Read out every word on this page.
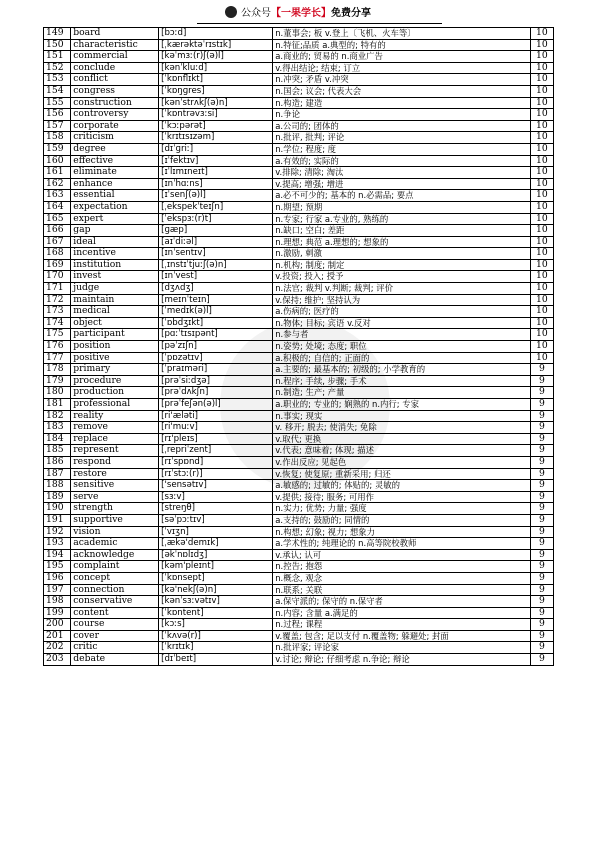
公众号【一果学长】免费分享
149	board	[bɔːd]	n.董事会; 板 v.登上〔飞机、火车等〕	10
150	characteristic	[ˌkærəktəˈrɪstɪk]	n.特征;品质 a.典型的; 特有的	10
151	commercial	[kəˈmɜː(r)ʃ(ə)l]	a.商业的; 贸易的 n.商业广告	10
152	conclude	[kənˈkluːd]	v.得出结论; 结束; 订立	10
153	conflict	[ˈkɒnflɪkt]	n.冲突; 矛盾 v.冲突	10
154	congress	[ˈkɒŋɡres]	n.国会; 议会; 代表大会	10
155	construction	[kənˈstrʌkʃ(ə)n]	n.构造; 建造	10
156	controversy	[ˈkɒntrəvɜːsi]	n.争论	10
157	corporate	[ˈkɔːpərət]	a.公司的; 团体的	10
158	criticism	[ˈkrɪtɪsɪzəm]	n.批评, 批判; 评论	10
159	degree	[dɪˈɡriː]	n.学位; 程度; 度	10
160	effective	[ɪˈfektɪv]	a.有效的; 实际的	10
161	eliminate	[ɪˈlɪmɪneɪt]	v.排除; 清除; 淘汰	10
162	enhance	[ɪnˈhɑːns]	v.提高; 增强; 增进	10
163	essential	[ɪˈsenʃ(ə)l]	a.必不可少的; 基本的 n.必需品; 要点	10
164	expectation	[ˌekspekˈteɪʃn]	n.期望; 预期	10
165	expert	[ˈekspɜː(r)t]	n.专家; 行家 a.专业的, 熟练的	10
166	gap	[ɡæp]	n.缺口; 空白; 差距	10
167	ideal	[aɪˈdiːəl]	n.理想; 典范 a.理想的; 想象的	10
168	incentive	[ɪnˈsentɪv]	n.激励, 刺激	10
169	institution	[ˌɪnstɪˈtjuːʃ(ə)n]	n.机构; 制度; 制定	10
170	invest	[ɪnˈvest]	v.投资; 投入; 授予	10
171	judge	[dʒʌdʒ]	n.法官; 裁判 v.判断; 裁判; 评价	10
172	maintain	[meɪnˈteɪn]	v.保持; 维护; 坚持认为	10
173	medical	[ˈmedɪk(ə)l]	a.伤病的; 医疗的	10
174	object	[ˈɒbdʒɪkt]	n.物体; 目标; 宾语 v.反对	10
175	participant	[pɑːˈtɪsɪpənt]	n.参与者	10
176	position	[pəˈzɪʃn]	n.姿势; 处境; 态度; 职位	10
177	positive	[ˈpɒzətɪv]	a.积极的; 自信的; 正面的	10
178	primary	[ˈpraɪməri]	a.主要的; 最基本的; 初级的; 小学教育的	9
179	procedure	[prəˈsiːdʒə]	n.程序; 手续, 步骤; 手术	9
180	production	[prəˈdʌkʃn]	n.制造; 生产; 产量	9
181	professional	[prəˈfeʃən(ə)l]	a.职业的; 专业的; 娴熟的 n.内行; 专家	9
182	reality	[ri'æləti]	n.事实; 现实	9
183	remove	[ri'muːv]	v. 移开; 脱去; 使消失; 免除	9
184	replace	[rɪ'pleɪs]	v.取代; 更换	9
185	represent	[ˌrepriˈzent]	v.代表; 意味着; 体现; 描述	9
186	respond	[rɪˈspɒnd]	v.作出反应; 见起色	9
187	restore	[rɪˈstɔː(r)]	v.恢复; 使复原; 重新采用; 归还	9
188	sensitive	['sensətɪv]	a.敏感的; 过敏的; 体贴的; 灵敏的	9
189	serve	[sɜːv]	v.提供; 接待; 服务; 可用作	9
190	strength	[streŋθ]	n.实力; 优势; 力量; 强度	9
191	supportive	[səˈpɔːtɪv]	a.支持的; 鼓励的; 同情的	9
192	vision	[ˈvɪʒn]	n.构想; 幻象; 视力; 想象力	9
193	academic	[ˌækə'demɪk]	a.学术性的; 纯理论的 n.高等院校教师	9
194	acknowledge	[əkˈnɒlɪdʒ]	v.承认; 认可	9
195	complaint	[kəm'pleɪnt]	n.控告; 抱怨	9
196	concept	[ˈkɒnsept]	n.概念, 观念	9
197	connection	[kə'nekʃ(ə)n]	n.联系; 关联	9
198	conservative	[kənˈsɜːvətɪv]	a.保守派的; 保守的 n.保守者	9
199	content	[ˈkɒntent]	n.内容; 含量 a.满足的	9
200	course	[kɔːs]	n.过程; 课程	9
201	cover	[ˈkʌvə(r)]	v.覆盖; 包含; 足以支付 n.覆盖物; 躲避处; 封面	9
202	critic	[ˈkrɪtɪk]	n.批评家; 评论家	9
203	debate	[dɪˈbeɪt]	v.讨论; 辩论; 仔细考虑 n.争论; 辩论	9
